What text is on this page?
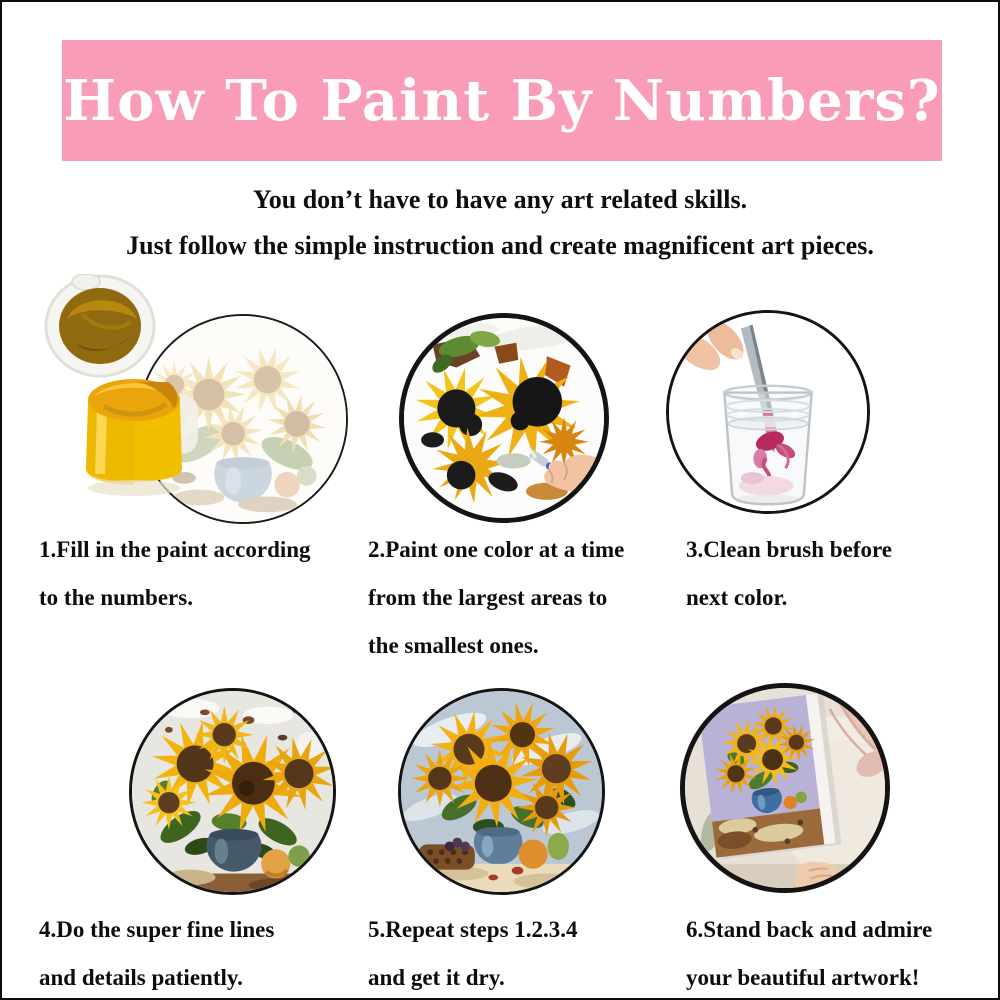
How To Paint By Numbers?
You don’t have to have any art related skills.
Just follow the simple instruction and create magnificent art pieces.
1.Fill in the paint according
to the numbers.
2.Paint one color at a time
from the largest areas to
the smallest ones.
3.Clean brush before
next color.
4.Do the super fine lines
and details patiently.
5.Repeat steps 1.2.3.4
and get it dry.
6.Stand back and admire
your beautiful artwork!
